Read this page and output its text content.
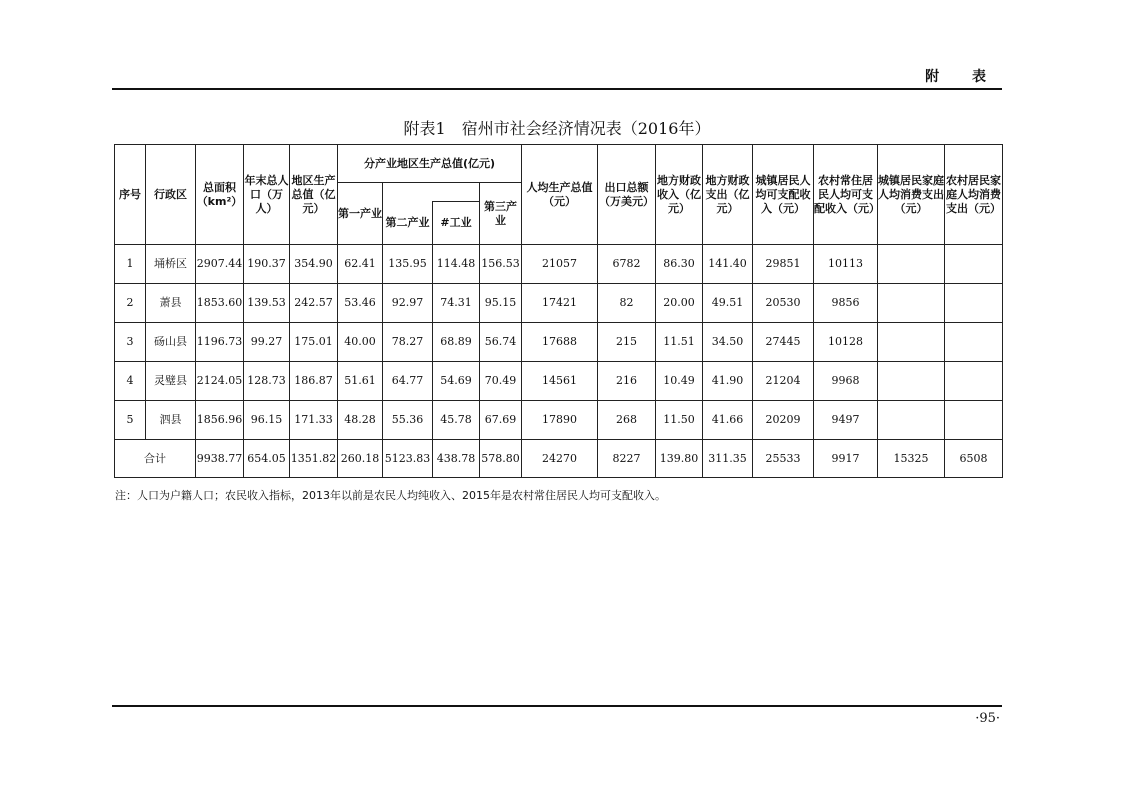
附 表
附表1　宿州市社会经济情况表（2016年）
序号	行政区	总面积（km²）	年末总人口（万人）	地区生产总值（亿元）	分产业地区生产总值(亿元)				人均生产总值（元）	出口总额（万美元）	地方财政收入（亿元）	地方财政支出（亿元）	城镇居民人均可支配收入（元）	农村常住居民人均可支配收入（元）	城镇居民家庭人均消费支出（元）	农村居民家庭人均消费支出（元）
					第一产业			第三产业								
						第二产业	#工业									
1	埇桥区	2907.44	190.37	354.90	62.41	135.95	114.48	156.53	21057	6782	86.30	141.40	29851	10113		
2	萧县	1853.60	139.53	242.57	53.46	92.97	74.31	95.15	17421	82	20.00	49.51	20530	9856		
3	砀山县	1196.73	99.27	175.01	40.00	78.27	68.89	56.74	17688	215	11.51	34.50	27445	10128		
4	灵璧县	2124.05	128.73	186.87	51.61	64.77	54.69	70.49	14561	216	10.49	41.90	21204	9968		
5	泗县	1856.96	96.15	171.33	48.28	55.36	45.78	67.69	17890	268	11.50	41.66	20209	9497		
合计		9938.77	654.05	1351.82	260.18	5123.83	438.78	578.80	24270	8227	139.80	311.35	25533	9917	15325	6508
注：人口为户籍人口；农民收入指标，2013年以前是农民人均纯收入、2015年是农村常住居民人均可支配收入。
·95·
